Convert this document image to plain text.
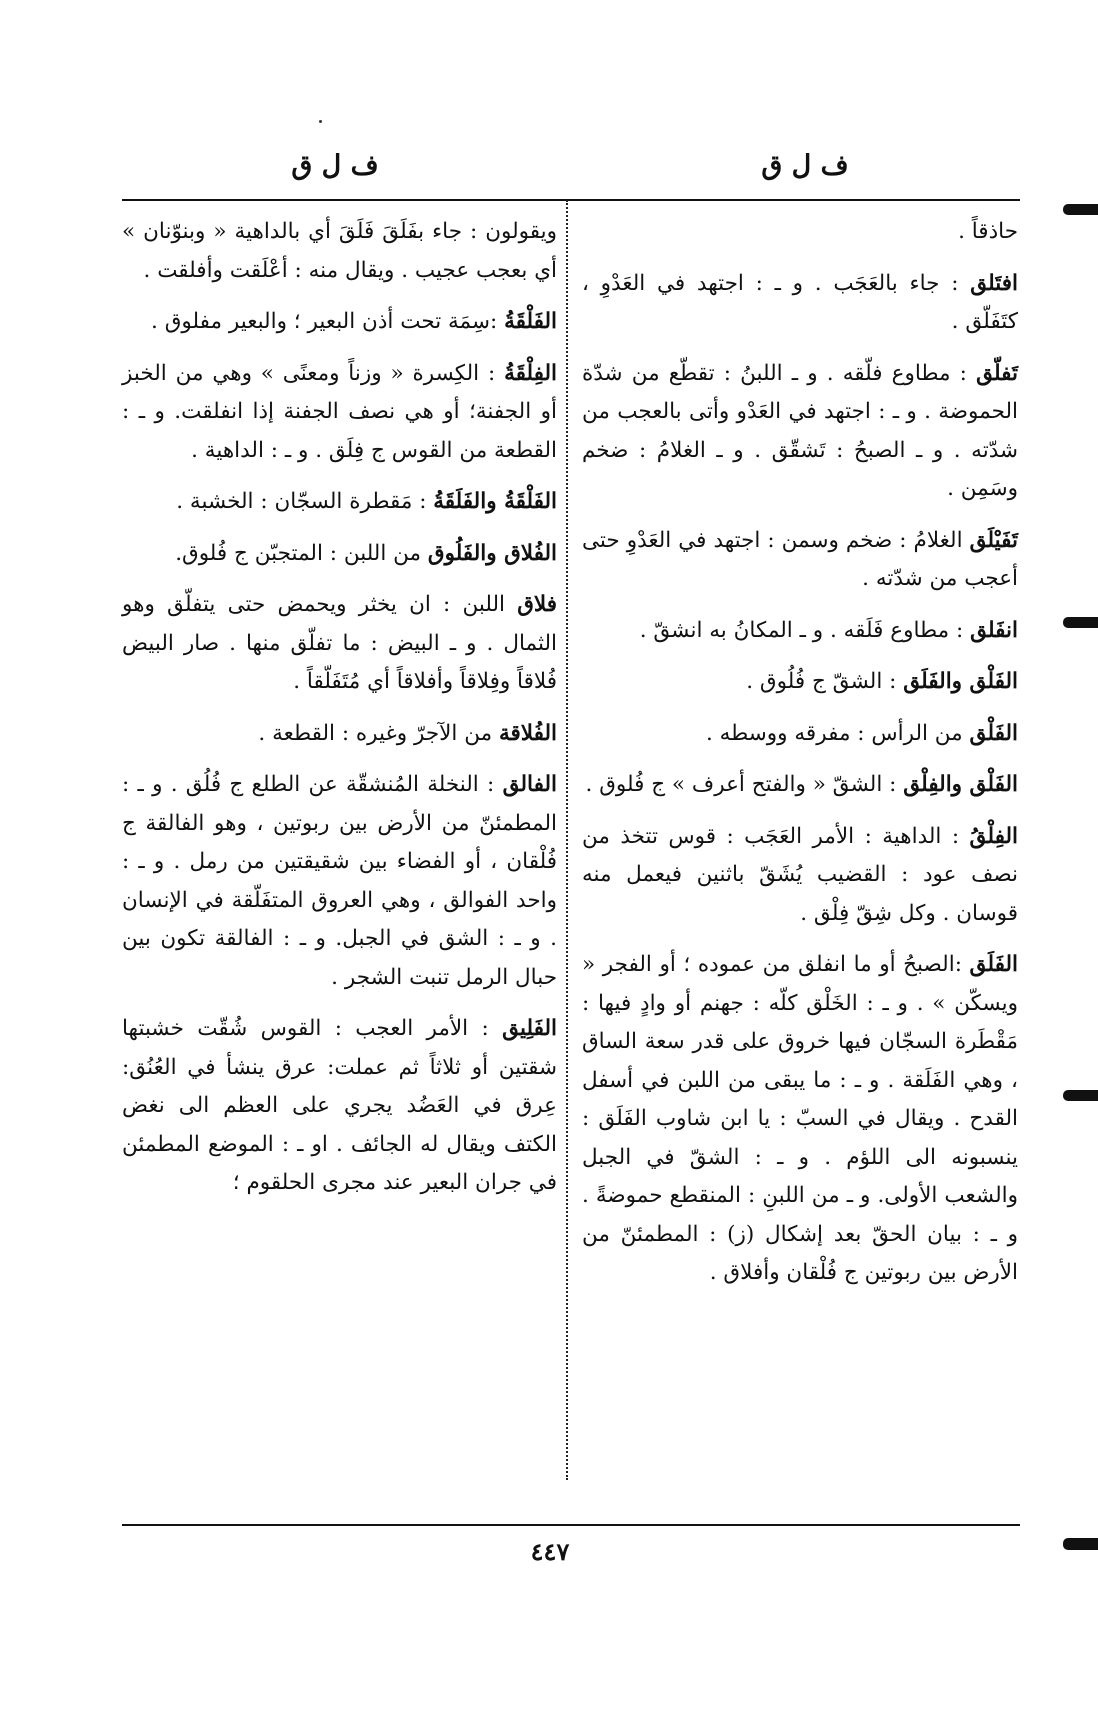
ف ل ق
ف ل ق

حاذقاً .

افتَلق : جاء بالعَجَب . و ـ : اجتهد في العَدْوِ ، كتَفَلّق .

تَفلّق : مطاوع فلّقه . و ـ اللبنُ : تقطّع من شدّة الحموضة . و ـ : اجتهد في العَدْو وأتى بالعجب من شدّته . و ـ الصبحُ : تَشقّق . و ـ الغلامُ : ضخم وسَمِن .

تَفَيْلَق الغلامُ : ضخم وسمن : اجتهد في العَدْوِ حتى أعجب من شدّته .

انفَلق : مطاوع فَلَقه . و ـ المكانُ به انشقّ .

الفَلْق والفَلَق : الشقّ ج فُلُوق .

الفَلْق من الرأس : مفرقه ووسطه .

الفَلْق والفِلْق : الشقّ « والفتح أعرف » ج فُلوق .

الفِلْقُ : الداهية : الأمر العَجَب : قوس تتخذ من نصف عود : القضيب يُشَقّ باثنين فيعمل منه قوسان . وكل شِقّ فِلْق .

الفَلَق :الصبحُ أو ما انفلق من عموده ؛ أو الفجر « ويسكّن » . و ـ : الخَلْق كلّه : جهنم أو وادٍ فيها : مَقْطَرة السجّان فيها خروق على قدر سعة الساق ، وهي الفَلَقة . و ـ : ما يبقى من اللبن في أسفل القدح . ويقال في السبّ : يا ابن شاوب الفَلَق : ينسبونه الى اللؤم . و ـ : الشقّ في الجبل والشعب الأولى. و ـ من اللبنِ : المنقطع حموضةً . و ـ : بيان الحقّ بعد إشكال (ز) : المطمئنّ من الأرض بين ربوتين ج فُلْقان وأفلاق .

ويقولون : جاء بفَلَقَ فَلَقَ أي بالداهية « وبنوّنان » أي بعجب عجيب . ويقال منه : أعْلَقت وأفلقت .

الفَلْقَةُ :سِمَة تحت أذن البعير ؛ والبعير مفلوق .

الفِلْقَةُ : الكِسرة « وزناً ومعنًى » وهي من الخبز أو الجفنة؛ أو هي نصف الجفنة إذا انفلقت. و ـ : القطعة من القوس ج فِلَق . و ـ : الداهية .

الفَلْقَةُ والفَلَقَةُ : مَقطرة السجّان : الخشبة .

الفُلاق والفَلُوق من اللبن : المتجبّن ج فُلوق.

فلاق اللبن : ان يخثر ويحمض حتى يتفلّق وهو الثمال . و ـ البيض : ما تفلّق منها . صار البيض فُلاقاً وفِلاقاً وأفلاقاً أي مُتَفَلّقاً .

الفُلاقة من الآجرّ وغيره : القطعة .

الفالق : النخلة المُنشقّة عن الطلع ج فُلُق . و ـ : المطمئنّ من الأرض بين ربوتين ، وهو الفالقة ج فُلْقان ، أو الفضاء بين شقيقتين من رمل . و ـ : واحد الفوالق ، وهي العروق المتفَلّقة في الإنسان . و ـ : الشق في الجبل. و ـ : الفالقة تكون بين حبال الرمل تنبت الشجر .

الفَلِيق : الأمر العجب : القوس شُقّت خشبتها شقتين أو ثلاثاً ثم عملت: عرق ينشأ في العُنُق: عِرق في العَضُد يجري على العظم الى نغض الكتف ويقال له الجائف . او ـ : الموضع المطمئن في جران البعير عند مجرى الحلقوم ؛

٤٤٧
